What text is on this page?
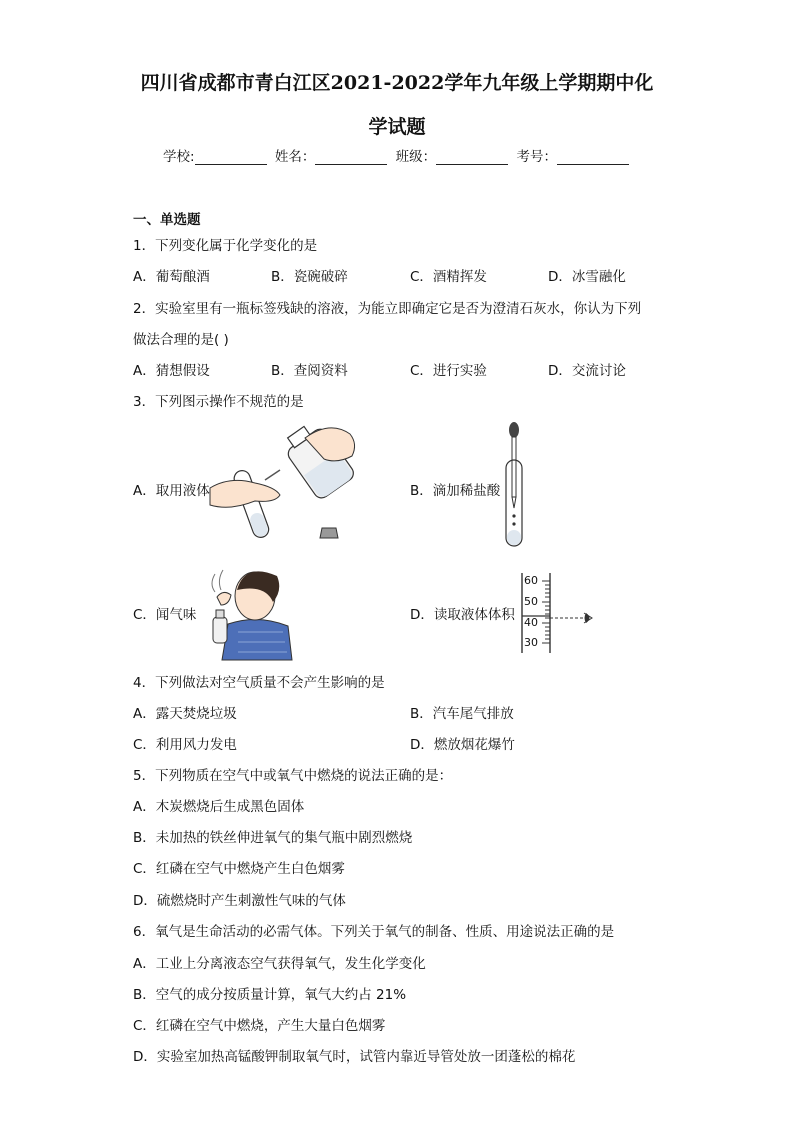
四川省成都市青白江区2021-2022学年九年级上学期期中化
学试题
学校:	姓名：	班级：	考号：
一、单选题
1．下列变化属于化学变化的是
A．葡萄酿酒	B．瓷碗破碎	C．酒精挥发	D．冰雪融化
2．实验室里有一瓶标签残缺的溶液，为能立即确定它是否为澄清石灰水，你认为下列
做法合理的是( )
A．猜想假设	B．查阅资料	C．进行实验	D．交流讨论
3．下列图示操作不规范的是
A．取用液体	B．滴加稀盐酸
C．闻气味	D．读取液体体积
60
50
40
30
4．下列做法对空气质量不会产生影响的是
A．露天焚烧垃圾	B．汽车尾气排放
C．利用风力发电	D．燃放烟花爆竹
5．下列物质在空气中或氧气中燃烧的说法正确的是：
A．木炭燃烧后生成黑色固体
B．未加热的铁丝伸进氧气的集气瓶中剧烈燃烧
C．红磷在空气中燃烧产生白色烟雾
D．硫燃烧时产生刺激性气味的气体
6．氧气是生命活动的必需气体。下列关于氧气的制备、性质、用途说法正确的是
A．工业上分离液态空气获得氧气，发生化学变化
B．空气的成分按质量计算，氧气大约占 21%
C．红磷在空气中燃烧，产生大量白色烟雾
D．实验室加热高锰酸钾制取氧气时，试管内靠近导管处放一团蓬松的棉花
